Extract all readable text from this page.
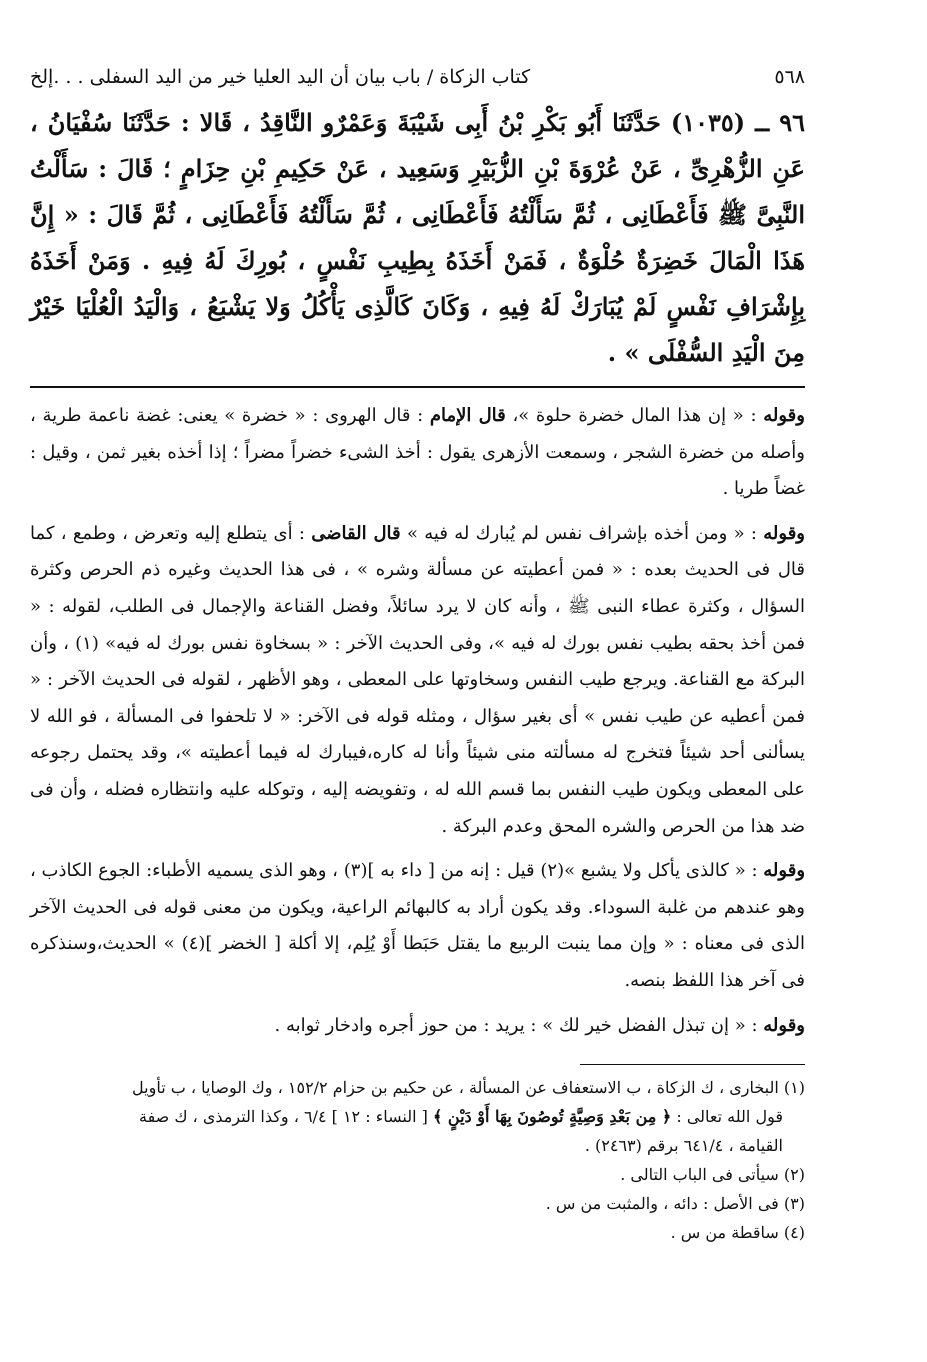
٥٦٨
كتاب الزكاة / باب بيان أن اليد العليا خير من اليد السفلى . . .إلخ
٩٦ ــ (١٠٣٥) حَدَّثَنَا أَبُو بَكْرِ بْنُ أَبِى شَيْبَةَ وَعَمْرٌو النَّاقِدُ ، قَالا : حَدَّثَنَا سُفْيَانُ ، عَنِ الزُّهْرِىِّ ، عَنْ عُرْوَةَ بْنِ الزُّبَيْرِ وَسَعِيد ، عَنْ حَكِيمِ بْنِ حِزَامٍ ؛ قَالَ : سَأَلْتُ النَّبِىَّ ﷺ فَأَعْطَانِى ، ثُمَّ سَأَلْتُهُ فَأَعْطَانِى ، ثُمَّ سَأَلْتُهُ فَأَعْطَانِى ، ثُمَّ قَالَ : « إِنَّ هَذَا الْمَالَ خَضِرَةٌ حُلْوَةٌ ، فَمَنْ أَخَذَهُ بِطِيبِ نَفْسٍ ، بُورِكَ لَهُ فِيهِ . وَمَنْ أَخَذَهُ بِإِشْرَافِ نَفْسٍ لَمْ يُبَارَكْ لَهُ فِيهِ ، وَكَانَ كَالَّذِى يَأْكُلُ وَلا يَشْبَعُ ، وَالْيَدُ الْعُلْيَا خَيْرٌ مِنَ الْيَدِ السُّفْلَى » .

وقوله : « إن هذا المال خضرة حلوة »، قال الإمام : قال الهروى : « خضرة » يعنى: غضة ناعمة طرية ، وأصله من خضرة الشجر ، وسمعت الأزهرى يقول : أخذ الشىء خضراً مضراً ؛ إذا أخذه بغير ثمن ، وقيل : غضاً طريا .

وقوله : « ومن أخذه بإشراف نفس لم يُبارك له فيه » قال القاضى : أى يتطلع إليه وتعرض ، وطمع ، كما قال فى الحديث بعده : « فمن أعطيته عن مسألة وشره » ، فى هذا الحديث وغيره ذم الحرص وكثرة السؤال ، وكثرة عطاء النبى ﷺ ، وأنه كان لا يرد سائلاً، وفضل القناعة والإجمال فى الطلب، لقوله : « فمن أخذ بحقه بطيب نفس بورك له فيه »، وفى الحديث الآخر : « بسخاوة نفس بورك له فيه» (١) ، وأن البركة مع القناعة. ويرجع طيب النفس وسخاوتها على المعطى ، وهو الأظهر ، لقوله فى الحديث الآخر : « فمن أعطيه عن طيب نفس » أى بغير سؤال ، ومثله قوله فى الآخر: « لا تلحفوا فى المسألة ، فو الله لا يسألنى أحد شيئاً فتخرج له مسألته منى شيئاً وأنا له كاره،فيبارك له فيما أعطيته »، وقد يحتمل رجوعه على المعطى ويكون طيب النفس بما قسم الله له ، وتفويضه إليه ، وتوكله عليه وانتظاره فضله ، وأن فى ضد هذا من الحرص والشره المحق وعدم البركة .

وقوله : « كالذى يأكل ولا يشبع »(٢) قيل : إنه من [ داء به ](٣) ، وهو الذى يسميه الأطباء: الجوع الكاذب ، وهو عندهم من غلبة السوداء. وقد يكون أراد به كالبهائم الراعية، ويكون من معنى قوله فى الحديث الآخر الذى فى معناه : « وإن مما ينبت الربيع ما يقتل حَبَطا أَوْ يُلِم، إلا أكلة [ الخضر ](٤) » الحديث،وسنذكره فى آخر هذا اللفظ بنصه.

وقوله : « إن تبذل الفضل خير لك » : يريد : من حوز أجره وادخار ثوابه .

(١) البخارى ، ك الزكاة ، ب الاستعفاف عن المسألة ، عن حكيم بن حزام ١٥٢/٢ ، وك الوصايا ، ب تأويل

قول الله تعالى : ﴿ مِن بَعْدِ وَصِيَّةٍ تُوصُونَ بِهَا أَوْ دَيْنٍ ﴾ [ النساء : ١٢ ] ٦/٤ ، وكذا الترمذى ، ك صفة

القيامة ، ٦٤١/٤ برقم (٢٤٦٣) .

(٢) سيأتى فى الباب التالى .

(٣) فى الأصل : دائه ، والمثبت من س .

(٤) ساقطة من س .
